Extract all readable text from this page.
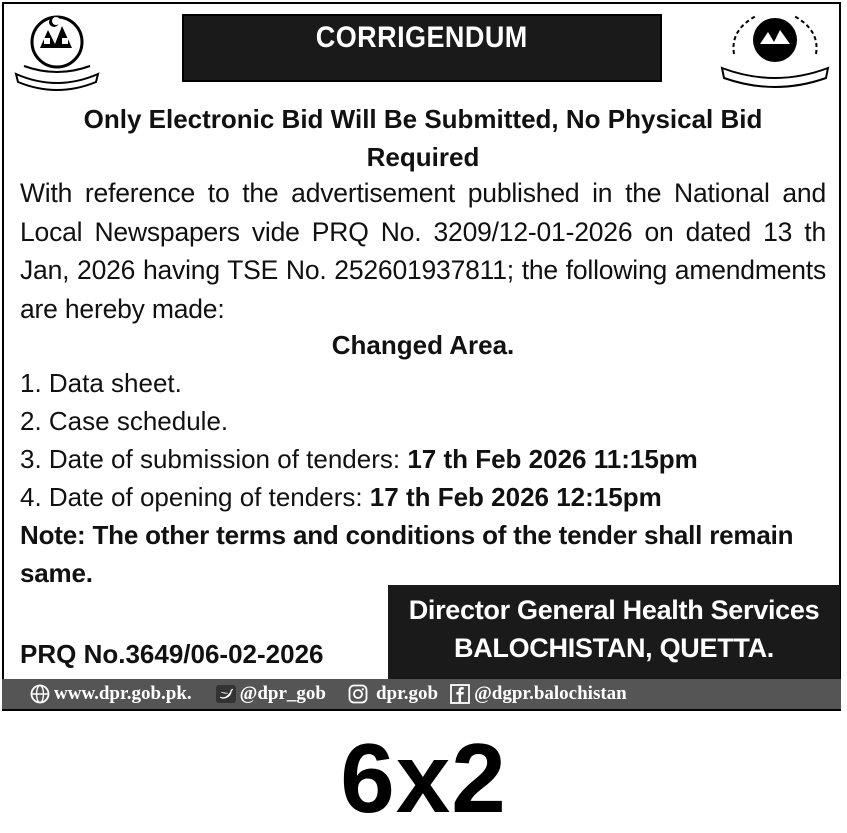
CORRIGENDUM
Only Electronic Bid Will Be Submitted, No Physical Bid
Required
With reference to the advertisement published in the National and Local Newspapers vide PRQ No. 3209/12-01-2026 on dated 13 th Jan, 2026 having TSE No. 252601937811; the following amendments are hereby made:
Changed Area.
1. Data sheet.
2. Case schedule.
3. Date of submission of tenders: 17 th Feb 2026 11:15pm
4. Date of opening of tenders: 17 th Feb 2026 12:15pm
Note: The other terms and conditions of the tender shall remain same.
PRQ No.3649/06-02-2026
Director General Health Services
BALOCHISTAN, QUETTA.
www.dpr.gob.pk.	@dpr_gob	dpr.gob @dgpr.balochistan
6x2
